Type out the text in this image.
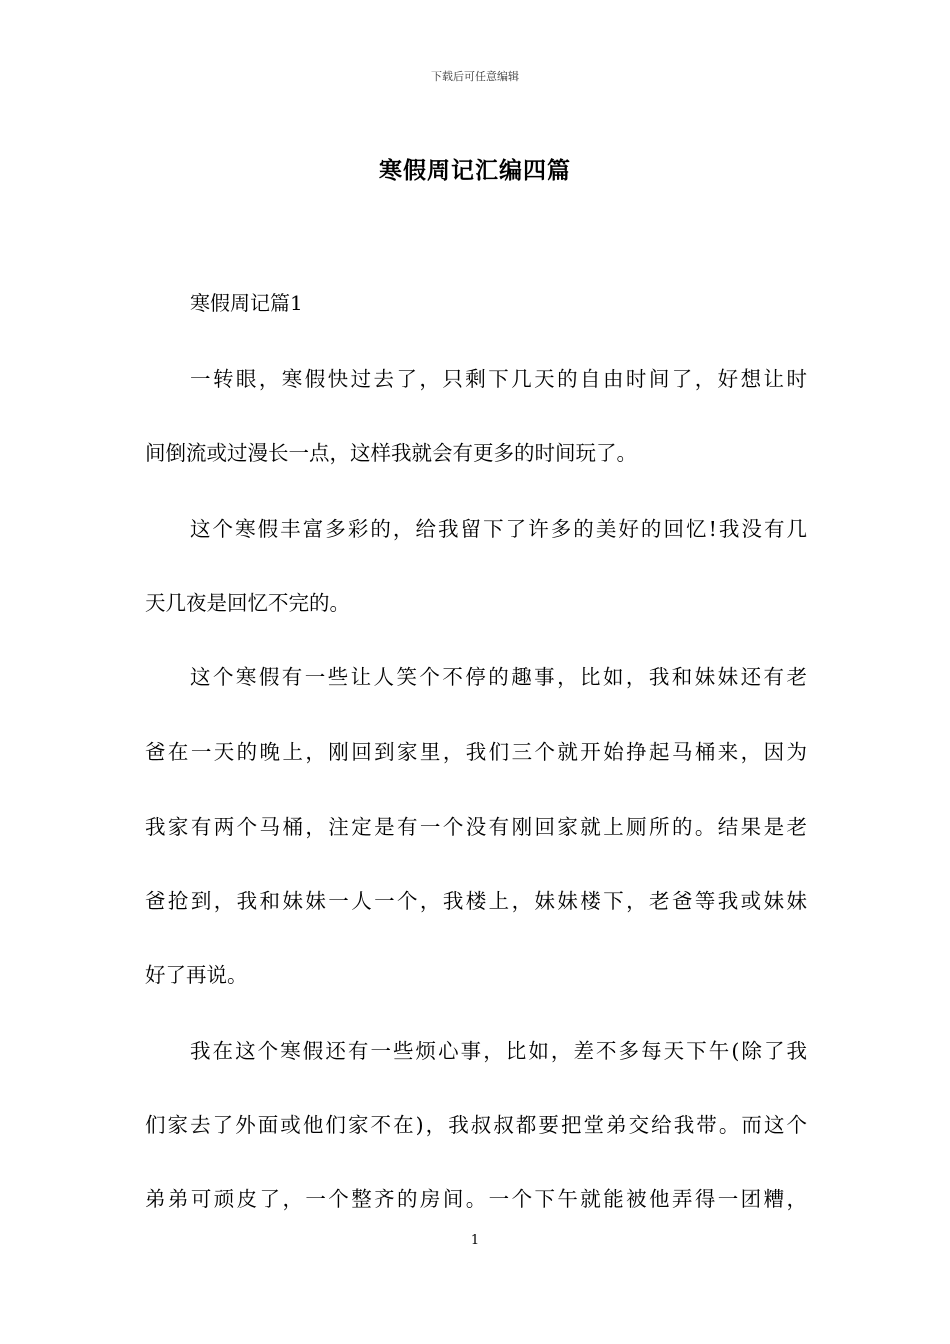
下载后可任意编辑
寒假周记汇编四篇
寒假周记篇1
一转眼，寒假快过去了，只剩下几天的自由时间了，好想让时
间倒流或过漫长一点，这样我就会有更多的时间玩了。
这个寒假丰富多彩的，给我留下了许多的美好的回忆!我没有几
天几夜是回忆不完的。
这个寒假有一些让人笑个不停的趣事，比如，我和妹妹还有老
爸在一天的晚上，刚回到家里，我们三个就开始挣起马桶来，因为
我家有两个马桶，注定是有一个没有刚回家就上厕所的。结果是老
爸抢到，我和妹妹一人一个，我楼上，妹妹楼下，老爸等我或妹妹
好了再说。
我在这个寒假还有一些烦心事，比如，差不多每天下午(除了我
们家去了外面或他们家不在)，我叔叔都要把堂弟交给我带。而这个
弟弟可顽皮了，一个整齐的房间。一个下午就能被他弄得一团糟，
1
